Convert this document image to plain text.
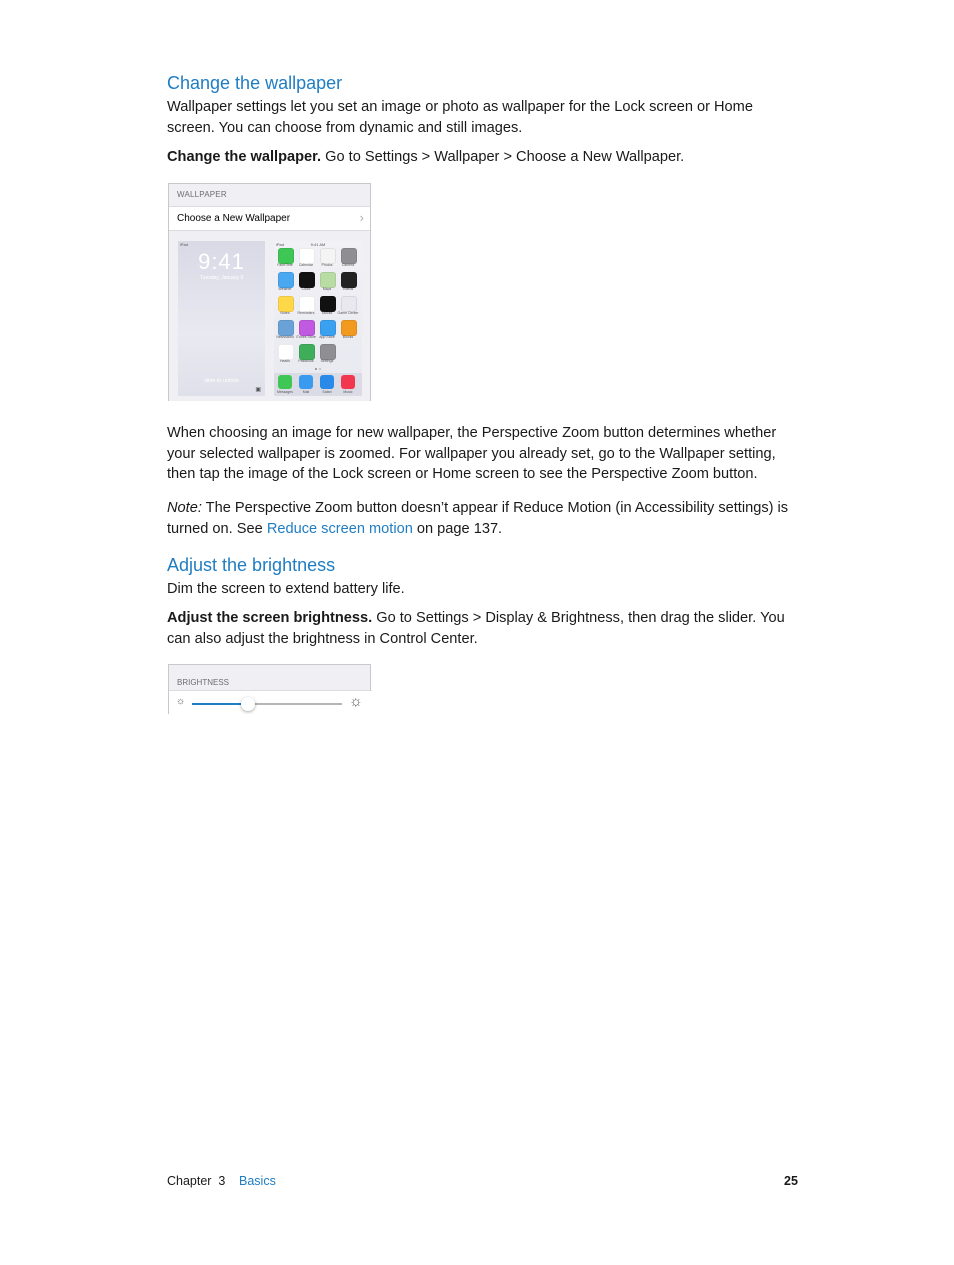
Change the wallpaper
Wallpaper settings let you set an image or photo as wallpaper for the Lock screen or Home screen. You can choose from dynamic and still images.
Change the wallpaper. Go to Settings > Wallpaper > Choose a New Wallpaper.
WALLPAPER
Choose a New Wallpaper	›
iPad
9:41
Tuesday, January 9
slide to unlock
▣
iPad	9:41 AM
Messages	Mail	Safari	Music
FaceTime	Calendar	Photos	Camera
Weather	Clock	Maps	Videos
Notes	Reminders	Stocks	Game Center
Newsstand iTunes Store App Store	iBooks
Health	Passbook	Settings
When choosing an image for new wallpaper, the Perspective Zoom button determines whether your selected wallpaper is zoomed. For wallpaper you already set, go to the Wallpaper setting, then tap the image of the Lock screen or Home screen to see the Perspective Zoom button.
Note: The Perspective Zoom button doesn’t appear if Reduce Motion (in Accessibility settings) is turned on. See Reduce screen motion on page 137.
Adjust the brightness
Dim the screen to extend battery life.
Adjust the screen brightness. Go to Settings > Display & Brightness, then drag the slider. You can also adjust the brightness in Control Center.
BRIGHTNESS
☼	☼
Chapter  3 Basics	25
